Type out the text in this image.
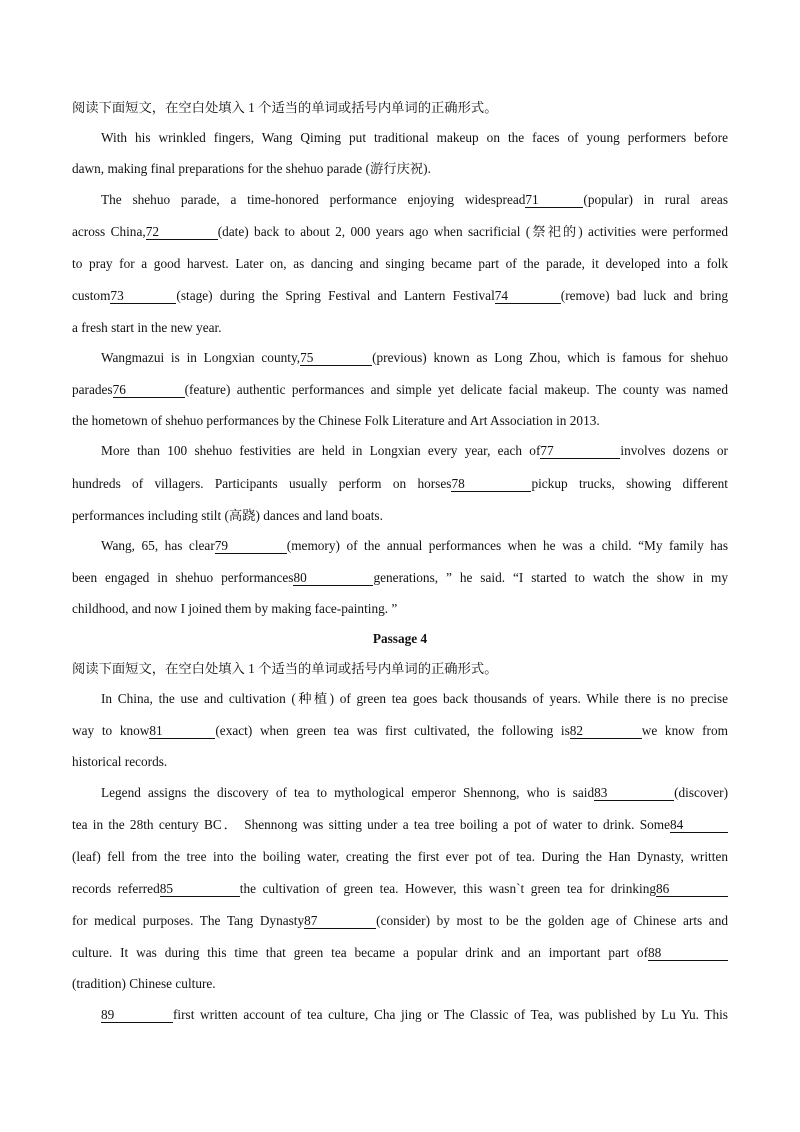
阅读下面短文，在空白处填入 1 个适当的单词或括号内单词的正确形式。
With his wrinkled fingers, Wang Qiming put traditional makeup on the faces of young performers before
dawn, making final preparations for the shehuo parade (游行庆祝).
The shehuo parade, a time-honored performance enjoying widespread71	(popular) in rural areas
across China,72	(date) back to about 2, 000 years ago when sacrificial (祭祀的) activities were performed
to pray for a good harvest. Later on, as dancing and singing became part of the parade, it developed into a folk
custom73	(stage) during the Spring Festival and Lantern Festival74	(remove) bad luck and bring
a fresh start in the new year.
Wangmazui is in Longxian county,75	(previous) known as Long Zhou, which is famous for shehuo
parades76	(feature) authentic performances and simple yet delicate facial makeup. The county was named
the hometown of shehuo performances by the Chinese Folk Literature and Art Association in 2013.
More than 100 shehuo festivities are held in Longxian every year, each of77	involves dozens or
hundreds of villagers. Participants usually perform on horses78	pickup trucks, showing different
performances including stilt (高跷) dances and land boats.
Wang, 65, has clear79	(memory) of the annual performances when he was a child. “My family has
been engaged in shehuo performances80	generations, ” he said. “I started to watch the show in my
childhood, and now I joined them by making face-painting. ”
Passage 4
阅读下面短文，在空白处填入 1 个适当的单词或括号内单词的正确形式。
In China, the use and cultivation (种植) of green tea goes back thousands of years. While there is no precise
way to know81	(exact) when green tea was first cultivated, the following is82	we know from
historical records.
Legend assigns the discovery of tea to mythological emperor Shennong, who is said83	(discover)
tea in the 28th century BC． Shennong was sitting under a tea tree boiling a pot of water to drink. Some84
(leaf) fell from the tree into the boiling water, creating the first ever pot of tea. During the Han Dynasty, written
records referred85	the cultivation of green tea. However, this wasn`t green tea for drinking86
for medical purposes. The Tang Dynasty87	(consider) by most to be the golden age of Chinese arts and
culture. It was during this time that green tea became a popular drink and an important part of88
(tradition) Chinese culture.
89	first written account of tea culture, Cha jing or The Classic of Tea, was published by Lu Yu. This
